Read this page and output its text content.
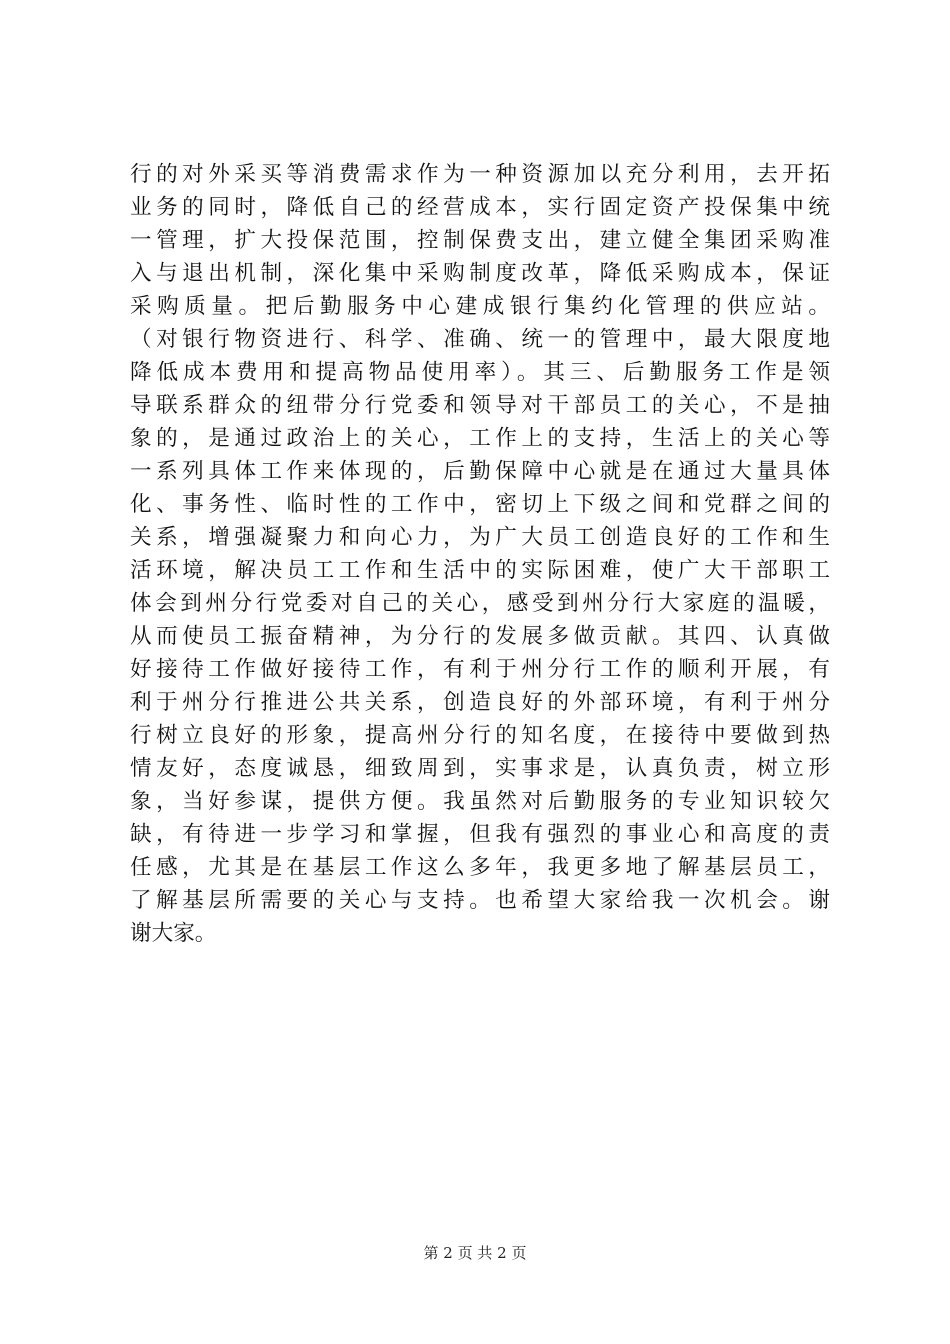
行的对外采买等消费需求作为一种资源加以充分利用，去开拓
业务的同时，降低自己的经营成本，实行固定资产投保集中统
一管理，扩大投保范围，控制保费支出，建立健全集团采购准
入与退出机制，深化集中采购制度改革，降低采购成本，保证
采购质量。把后勤服务中心建成银行集约化管理的供应站。
（对银行物资进行、科学、准确、统一的管理中，最大限度地
降低成本费用和提高物品使用率）。其三、后勤服务工作是领
导联系群众的纽带分行党委和领导对干部员工的关心，不是抽
象的，是通过政治上的关心，工作上的支持，生活上的关心等
一系列具体工作来体现的，后勤保障中心就是在通过大量具体
化、事务性、临时性的工作中，密切上下级之间和党群之间的
关系，增强凝聚力和向心力，为广大员工创造良好的工作和生
活环境，解决员工工作和生活中的实际困难，使广大干部职工
体会到州分行党委对自己的关心，感受到州分行大家庭的温暖，
从而使员工振奋精神，为分行的发展多做贡献。其四、认真做
好接待工作做好接待工作，有利于州分行工作的顺利开展，有
利于州分行推进公共关系，创造良好的外部环境，有利于州分
行树立良好的形象，提高州分行的知名度，在接待中要做到热
情友好，态度诚恳，细致周到，实事求是，认真负责，树立形
象，当好参谋，提供方便。我虽然对后勤服务的专业知识较欠
缺，有待进一步学习和掌握，但我有强烈的事业心和高度的责
任感，尤其是在基层工作这么多年，我更多地了解基层员工，
了解基层所需要的关心与支持。也希望大家给我一次机会。谢
谢大家。
第 2 页 共 2 页
